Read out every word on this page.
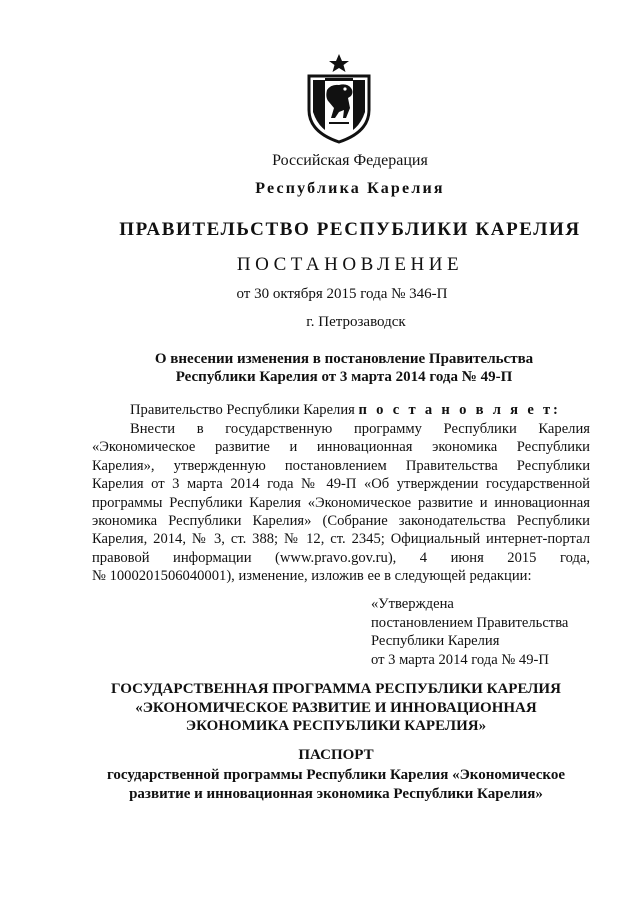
Российская Федерация
Республика Карелия
ПРАВИТЕЛЬСТВО РЕСПУБЛИКИ КАРЕЛИЯ
ПОСТАНОВЛЕНИЕ
от 30 октября 2015 года № 346-П
г. Петрозаводск
О внесении изменения в постановление Правительства
Республики Карелия от 3 марта 2014 года № 49-П
Правительство Республики Карелия п о с т а н о в л я е т:
Внести в государственную программу Республики Карелия
«Экономическое развитие и инновационная экономика Республики
Карелия», утвержденную постановлением Правительства Республики
Карелия от 3 марта 2014 года № 49-П «Об утверждении государственной
программы Республики Карелия «Экономическое развитие и инновационная
экономика Республики Карелия» (Собрание законодательства Республики
Карелия, 2014, № 3, ст. 388; № 12, ст. 2345; Официальный интернет-портал
правовой информации (www.pravo.gov.ru), 4 июня 2015 года,
№ 1000201506040001), изменение, изложив ее в следующей редакции:
«Утверждена
постановлением Правительства
Республики Карелия
от 3 марта 2014 года № 49-П
ГОСУДАРСТВЕННАЯ ПРОГРАММА РЕСПУБЛИКИ КАРЕЛИЯ
«ЭКОНОМИЧЕСКОЕ РАЗВИТИЕ И ИННОВАЦИОННАЯ
ЭКОНОМИКА РЕСПУБЛИКИ КАРЕЛИЯ»
ПАСПОРТ
государственной программы Республики Карелия «Экономическое
развитие и инновационная экономика Республики Карелия»
